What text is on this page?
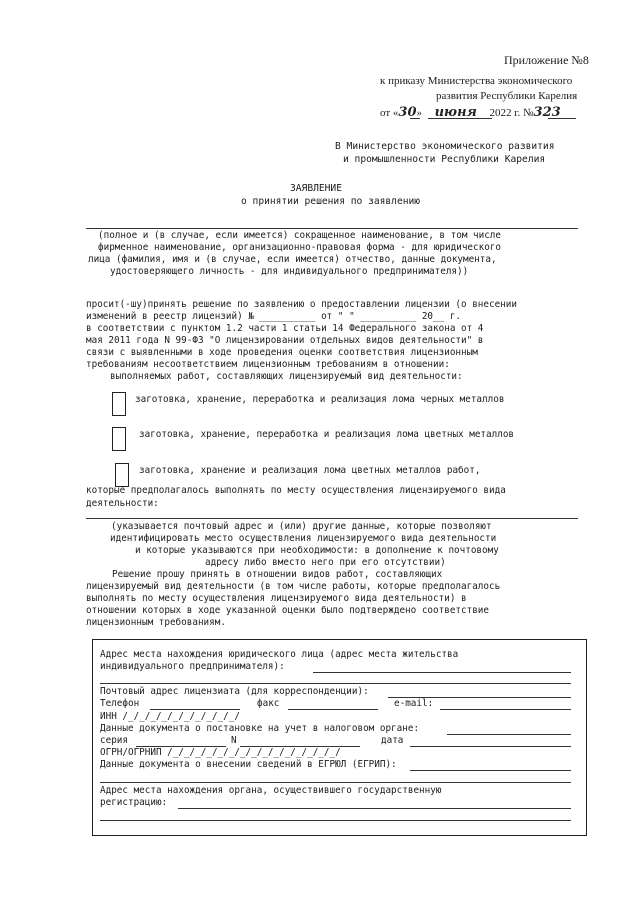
Приложение №8
к приказу Министерства экономического
развития Республики Карелия
от «30» июня 2022 г. №323
В Министерство экономического развития
и промышленности Республики Карелия
ЗАЯВЛЕНИЕ
о принятии решения по заявлению
(полное и (в случае, если имеется) сокращенное наименование, в том числе
фирменное наименование, организационно-правовая форма - для юридического
лица (фамилия, имя и (в случае, если имеется) отчество, данные документа,
удостоверяющего личность - для индивидуального предпринимателя))
просит(-шу)принять решение по заявлению о предоставлении лицензии (о внесении
изменений в реестр лицензий) № __________ от " " __________ 20__ г.
в соответствии с пунктом 1.2 части 1 статьи 14 Федерального закона от 4
мая 2011 года N 99-ФЗ "О лицензировании отдельных видов деятельности" в
связи с выявленными в ходе проведения оценки соответствия лицензионным
требованиям несоответствием лицензионным требованиям в отношении:
выполняемых работ, составляющих лицензируемый вид деятельности:
заготовка, хранение, переработка и реализация лома черных металлов
заготовка, хранение, переработка и реализация лома цветных металлов
заготовка, хранение и реализация лома цветных металлов работ,
которые предполагалось выполнять по месту осуществления лицензируемого вида
деятельности:
(указывается почтовый адрес и (или) другие данные, которые позволяют
идентифицировать место осуществления лицензируемого вида деятельности
и которые указываются при необходимости: в дополнение к почтовому
адресу либо вместо него при его отсутствии)
Решение прошу принять в отношении видов работ, составляющих
лицензируемый вид деятельности (в том числе работы, которые предполагалось
выполнять по месту осуществления лицензируемого вида деятельности) в
отношении которых в ходе указанной оценки было подтверждено соответствие
лицензионным требованиям.
Адрес места нахождения юридического лица (адрес места жительства
индивидуального предпринимателя):
Почтовый адрес лицензиата (для корреспонденции):
Телефон	факс	e-mail:
ИНН /_/_/_/_/_/_/_/_/_/_/
Данные документа о постановке на учет в налоговом органе:
серия	N	дата
ОГРН/ОГРНИП /_/_/_/_/_/_/_/_/_/_/_/_/_/_/_/
Данные документа о внесении сведений в ЕГРЮЛ (ЕГРИП):
Адрес места нахождения органа, осуществившего государственную
регистрацию:
